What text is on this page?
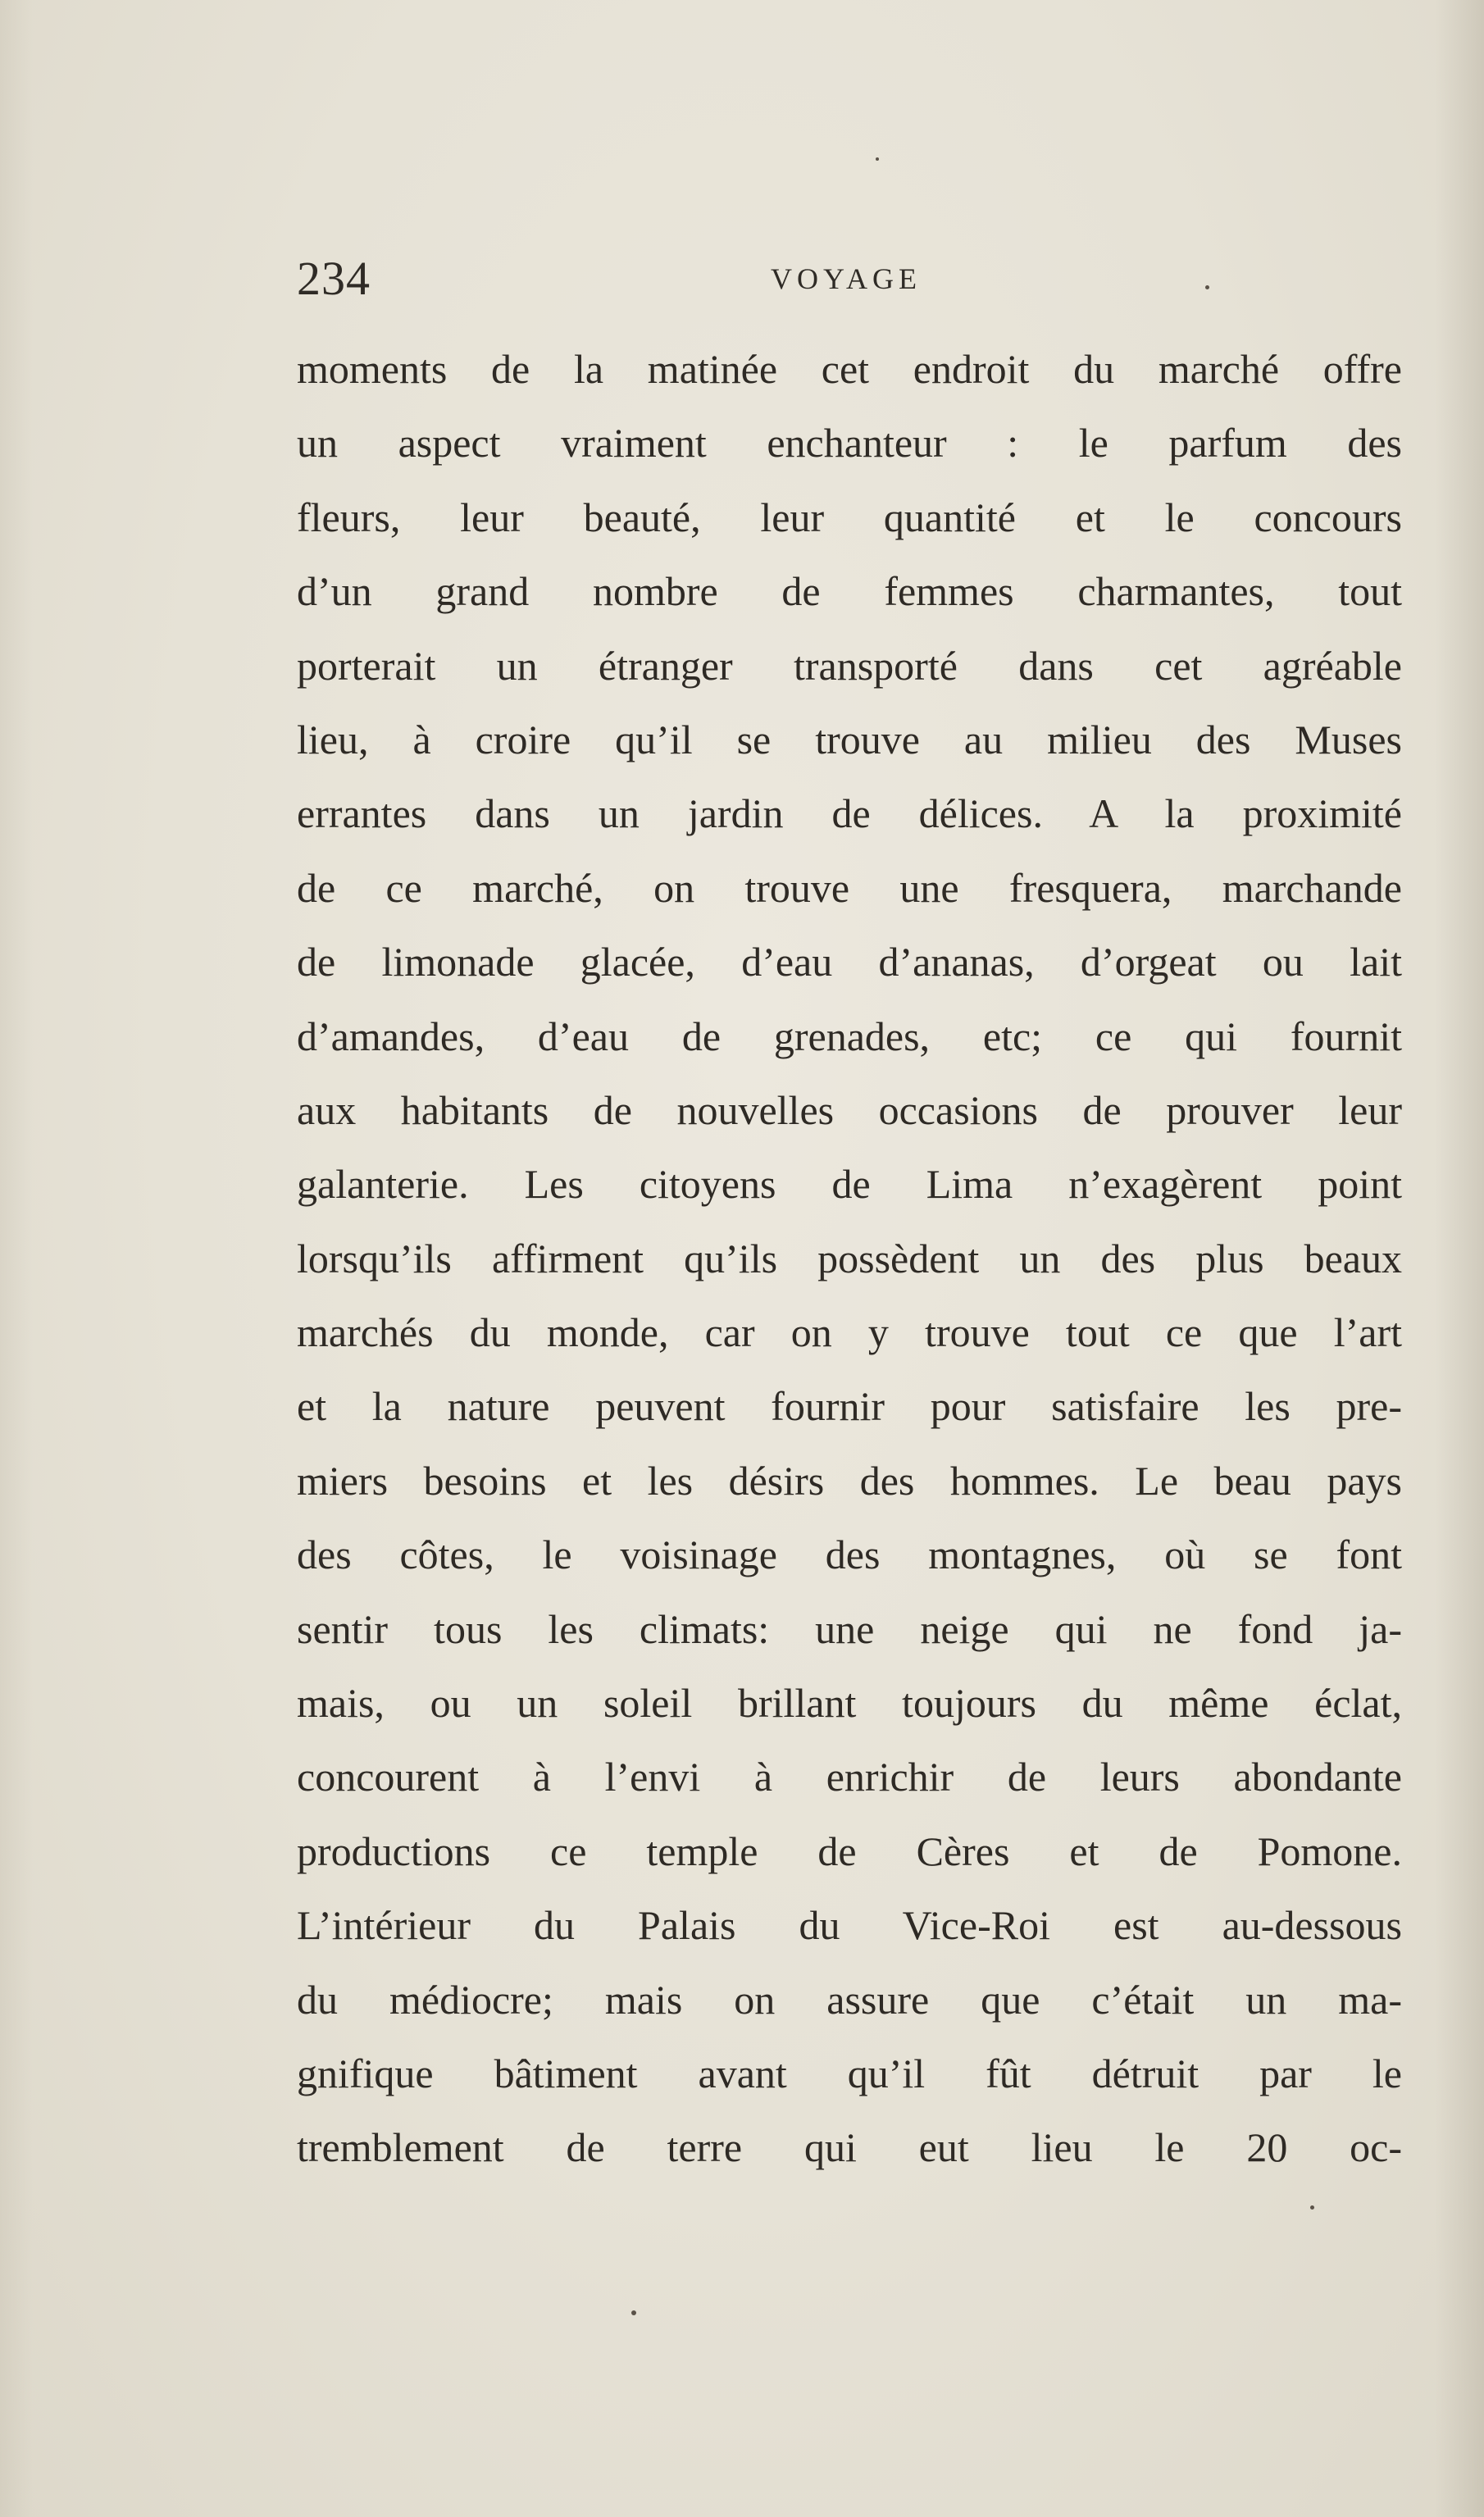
234	VOYAGE
moments de la matinée cet endroit du marché offre
un aspect vraiment enchanteur : le parfum des
fleurs, leur beauté, leur quantité et le concours
d’un grand nombre de femmes charmantes, tout
porterait un étranger transporté dans cet agréable
lieu, à croire qu’il se trouve au milieu des Muses
errantes dans un jardin de délices. A la proximité
de ce marché, on trouve une fresquera, marchande
de limonade glacée, d’eau d’ananas, d’orgeat ou lait
d’amandes, d’eau de grenades, etc; ce qui fournit
aux habitants de nouvelles occasions de prouver leur
galanterie. Les citoyens de Lima n’exagèrent point
lorsqu’ils affirment qu’ils possèdent un des plus beaux
marchés du monde, car on y trouve tout ce que l’art
et la nature peuvent fournir pour satisfaire les pre-
miers besoins et les désirs des hommes. Le beau pays
des côtes, le voisinage des montagnes, où se font
sentir tous les climats: une neige qui ne fond ja-
mais, ou un soleil brillant toujours du même éclat,
concourent à l’envi à enrichir de leurs abondante
productions ce temple de Cères et de Pomone.
L’intérieur du Palais du Vice-Roi est au-dessous
du médiocre; mais on assure que c’était un ma-
gnifique bâtiment avant qu’il fût détruit par le
tremblement de terre qui eut lieu le 20 oc-
